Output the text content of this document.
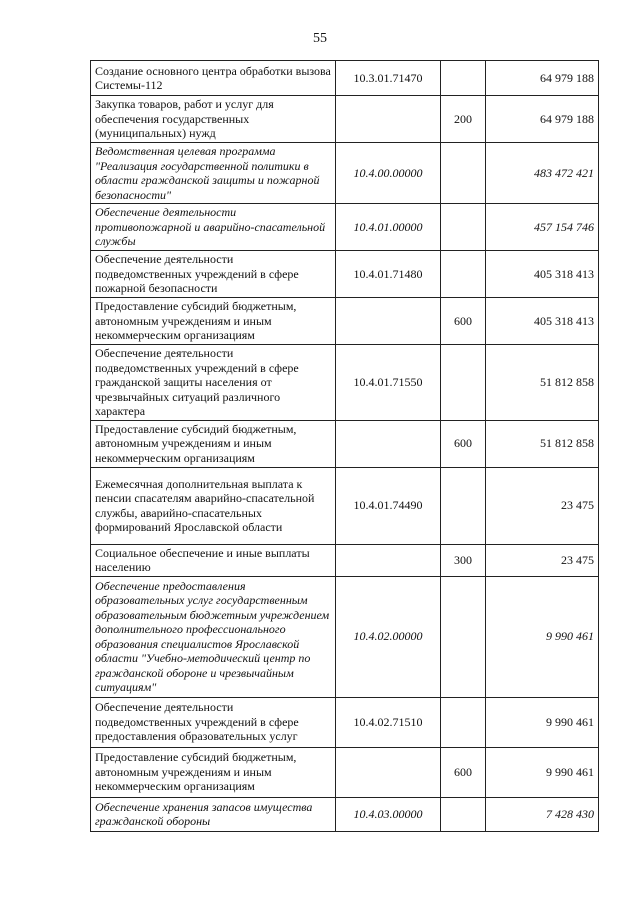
55
Создание основного центра обработки вызова Системы-112	10.3.01.71470		64 979 188
Закупка товаров, работ и услуг для обеспечения государственных (муниципальных) нужд		200	64 979 188
Ведомственная целевая программа "Реализация государственной политики в области гражданской защиты и пожарной безопасности"	10.4.00.00000		483 472 421
Обеспечение деятельности противопожарной и аварийно-спасательной службы	10.4.01.00000		457 154 746
Обеспечение деятельности подведомственных учреждений в сфере пожарной безопасности	10.4.01.71480		405 318 413
Предоставление субсидий бюджетным, автономным учреждениям и иным некоммерческим организациям		600	405 318 413
Обеспечение деятельности подведомственных учреждений в сфере гражданской защиты населения от чрезвычайных ситуаций различного характера	10.4.01.71550		51 812 858
Предоставление субсидий бюджетным, автономным учреждениям и иным некоммерческим организациям		600	51 812 858
Ежемесячная дополнительная выплата к пенсии спасателям аварийно-спасательной службы, аварийно-спасательных формирований Ярославской области	10.4.01.74490		23 475
Социальное обеспечение и иные выплаты населению		300	23 475
Обеспечение предоставления образовательных услуг государственным образовательным бюджетным учреждением дополнительного профессионального образования специалистов Ярославской области "Учебно-методический центр по гражданской обороне и чрезвычайным ситуациям"	10.4.02.00000		9 990 461
Обеспечение деятельности подведомственных учреждений в сфере предоставления образовательных услуг	10.4.02.71510		9 990 461
Предоставление субсидий бюджетным, автономным учреждениям и иным некоммерческим организациям		600	9 990 461
Обеспечение хранения запасов имущества гражданской обороны	10.4.03.00000		7 428 430
